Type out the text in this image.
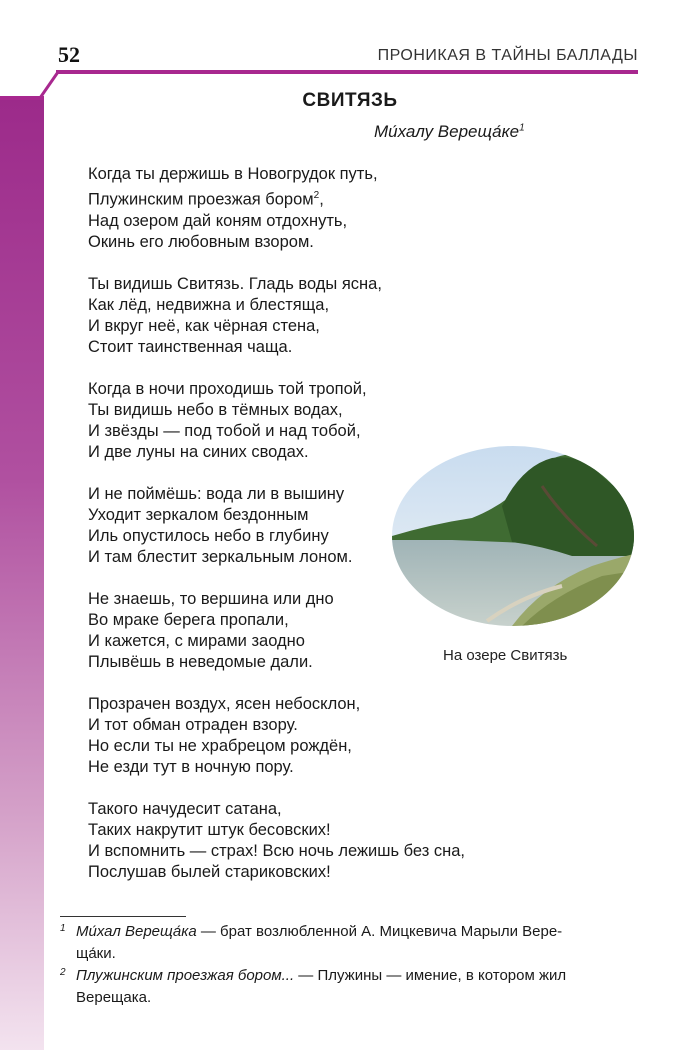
52	ПРОНИКАЯ В ТАЙНЫ БАЛЛАДЫ
СВИТЯЗЬ
Ми́халу $Вереща́ке^1$
Когда ты держишь в Новогрудок путь,
Плужинским проезжая бором$^2$,
Над озером дай коням отдохнуть,
Окинь его любовным взором.
Ты видишь Свитязь. Гладь воды ясна,
Как лёд, недвижна и блестяща,
И вкруг неё, как чёрная стена,
Стоит таинственная чаща.
Когда в ночи проходишь той тропой,
Ты видишь небо в тёмных водах,
И звёзды — под тобой и над тобой,
И две луны на синих сводах.
И не поймёшь: вода ли в вышину
Уходит зеркалом бездонным
Иль опустилось небо в глубину
И там блестит зеркальным лоном.
Не знаешь, то вершина или дно
Во мраке берега пропали,
И кажется, с мирами заодно
Плывёшь в неведомые дали.
Прозрачен воздух, ясен небосклон,
И тот обман отраден взору.
Но если ты не храбрецом рождён,
Не езди тут в ночную пору.
Такого начудесит сатана,
Таких накрутит штук бесовских!
И вспомнить — страх! Всю ночь лежишь без сна,
Послушав былей стариковских!
На озере Свитязь
1 Ми́хал Вереща́ка — брат возлюбленной А. Мицкевича Марыли Вере-
ща́ки.
2 Плужинским проезжая бором... — Плужины — имение, в котором жил
Верещака.
